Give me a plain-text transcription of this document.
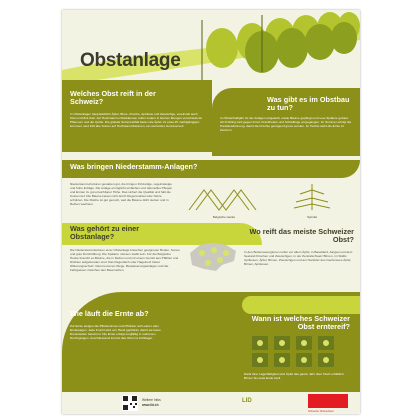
Obstanlage
Welches Obst reift in der Schweiz?

In Obstanlagen hauptsächlich Äpfel, Birne, Kirsche, Aprikose und Zwetschge, vereinzelt auch Kiwi und Mini-Kiwi. Auf Hochstamm-Obstbäumen reifen zudem in kleinen Mengen verschiedenst Pflaumen und die Quitte. Die globale Sortenvielfalt bieten die Äpfel: 2x etwa 25 marktgängigen kommen rund 100 alte Sorten auf Hochstammbäumen, ein wertvolles Genreservoir.

Was gibt es im Obstbau zu tun?

Im Winterhalbjahr ist der Anlagen eingekeilt, sowie Bäume gepflegt und neue Spaliere gebaut. Ab Frühling wird gegen Frost, Krankheiten und Schädlinge vorgegangen. Im Sommer erfolgt die Handausdünnung, damit die Früchte genügend gross werden. Im Herbst steht die Ernte im Zentrum.

Was bringen Niederstamm-Anlagen?

Niederstamm-Kulturen gestatten gut, die bringen frühzeitige, regelmässige und hohe Erträge. Die Anlage ermöglicht einfaches und rationelles Pflegen und Ernten zu gut erreichbarer Höhe. Das sichert die Qualität und hält die Kosten tief. Die Bäume lassen sich durch Regenmäntel oder Netze schützen. Die Fläche ist gut genutzt, weil die Bäume dicht stehen und in Reihen wachsen.

Belgische Hecke	Spindel
Was gehört zu einer Obstanlage?

Die Niederstammkulturen einer Obstanlage brauchen geeigneten Boden, Sonne und gute Durchlüftung. Die Spaliere müssen stabil sein. Für die Belgische Hecke braucht es Bäume, die in Reihen und mit einem Gerüst aus Pfählen und Drähten aufgebunden sind. Das Regenfach oder Hagelnetz bietet Witterungsschutz. Dazu kommen Wege, Bewässerungsanlagen und die Fahrgassen zwischen den Baumreihen.

Wo reift das meiste Schweizer Obst?

In den Bodenseeregionen reifen vor allem Äpfel, in Baselland, Aargau und dem Seeland Kirschen und Zwetschgen, in der Zentralschweiz Birnen, im Wallis Aprikosen, Äpfel, Birnen, Zwetschgen und am Nordufer des Genfersees Äpfel, Birnen, Aprikosen.

Wie läuft die Ernte ab?

Zur Ernte steigen die Pflückerinnen und Pflücker auf Leitern oder Erntewagen. Jede Frucht wird von Hand gepflückt, damit sie keine Druckstellen bekommt. Die Ernte erfolgt sorgfältig in mehreren Durchgängen. Anschliessend kommt das Obst ins Kühllager.

Wann ist welches Schweizer Obst erntereif?

Dank ihrer Lagerfähigkeit sind Äpfel das ganze Jahr über frisch erhältlich. Birnen bis etwa Ende April.

Weitere Infos
www.lid.ch
LID
Schweizer Obstverband
